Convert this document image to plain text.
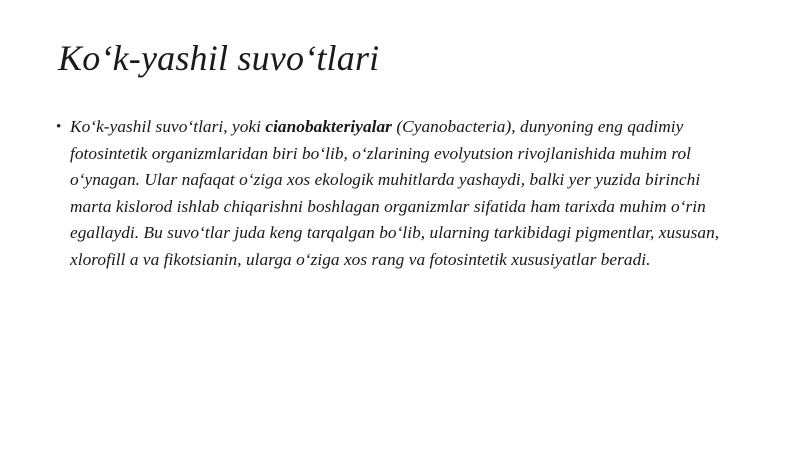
Ko‘k-yashil suvo‘tlari
• Ko‘k-yashil suvo‘tlari, yoki cianobakteriyalar (Cyanobacteria), dunyoning eng qadimiy fotosintetik organizmlaridan biri bo‘lib, o‘zlarining evolyutsion rivojlanishida muhim rol o‘ynagan. Ular nafaqat o‘ziga xos ekologik muhitlarda yashaydi, balki yer yuzida birinchi marta kislorod ishlab chiqarishni boshlagan organizmlar sifatida ham tarixda muhim o‘rin egallaydi. Bu suvo‘tlar juda keng tarqalgan bo‘lib, ularning tarkibidagi pigmentlar, xususan, xlorofill a va fikotsianin, ularga o‘ziga xos rang va fotosintetik xususiyatlar beradi.
